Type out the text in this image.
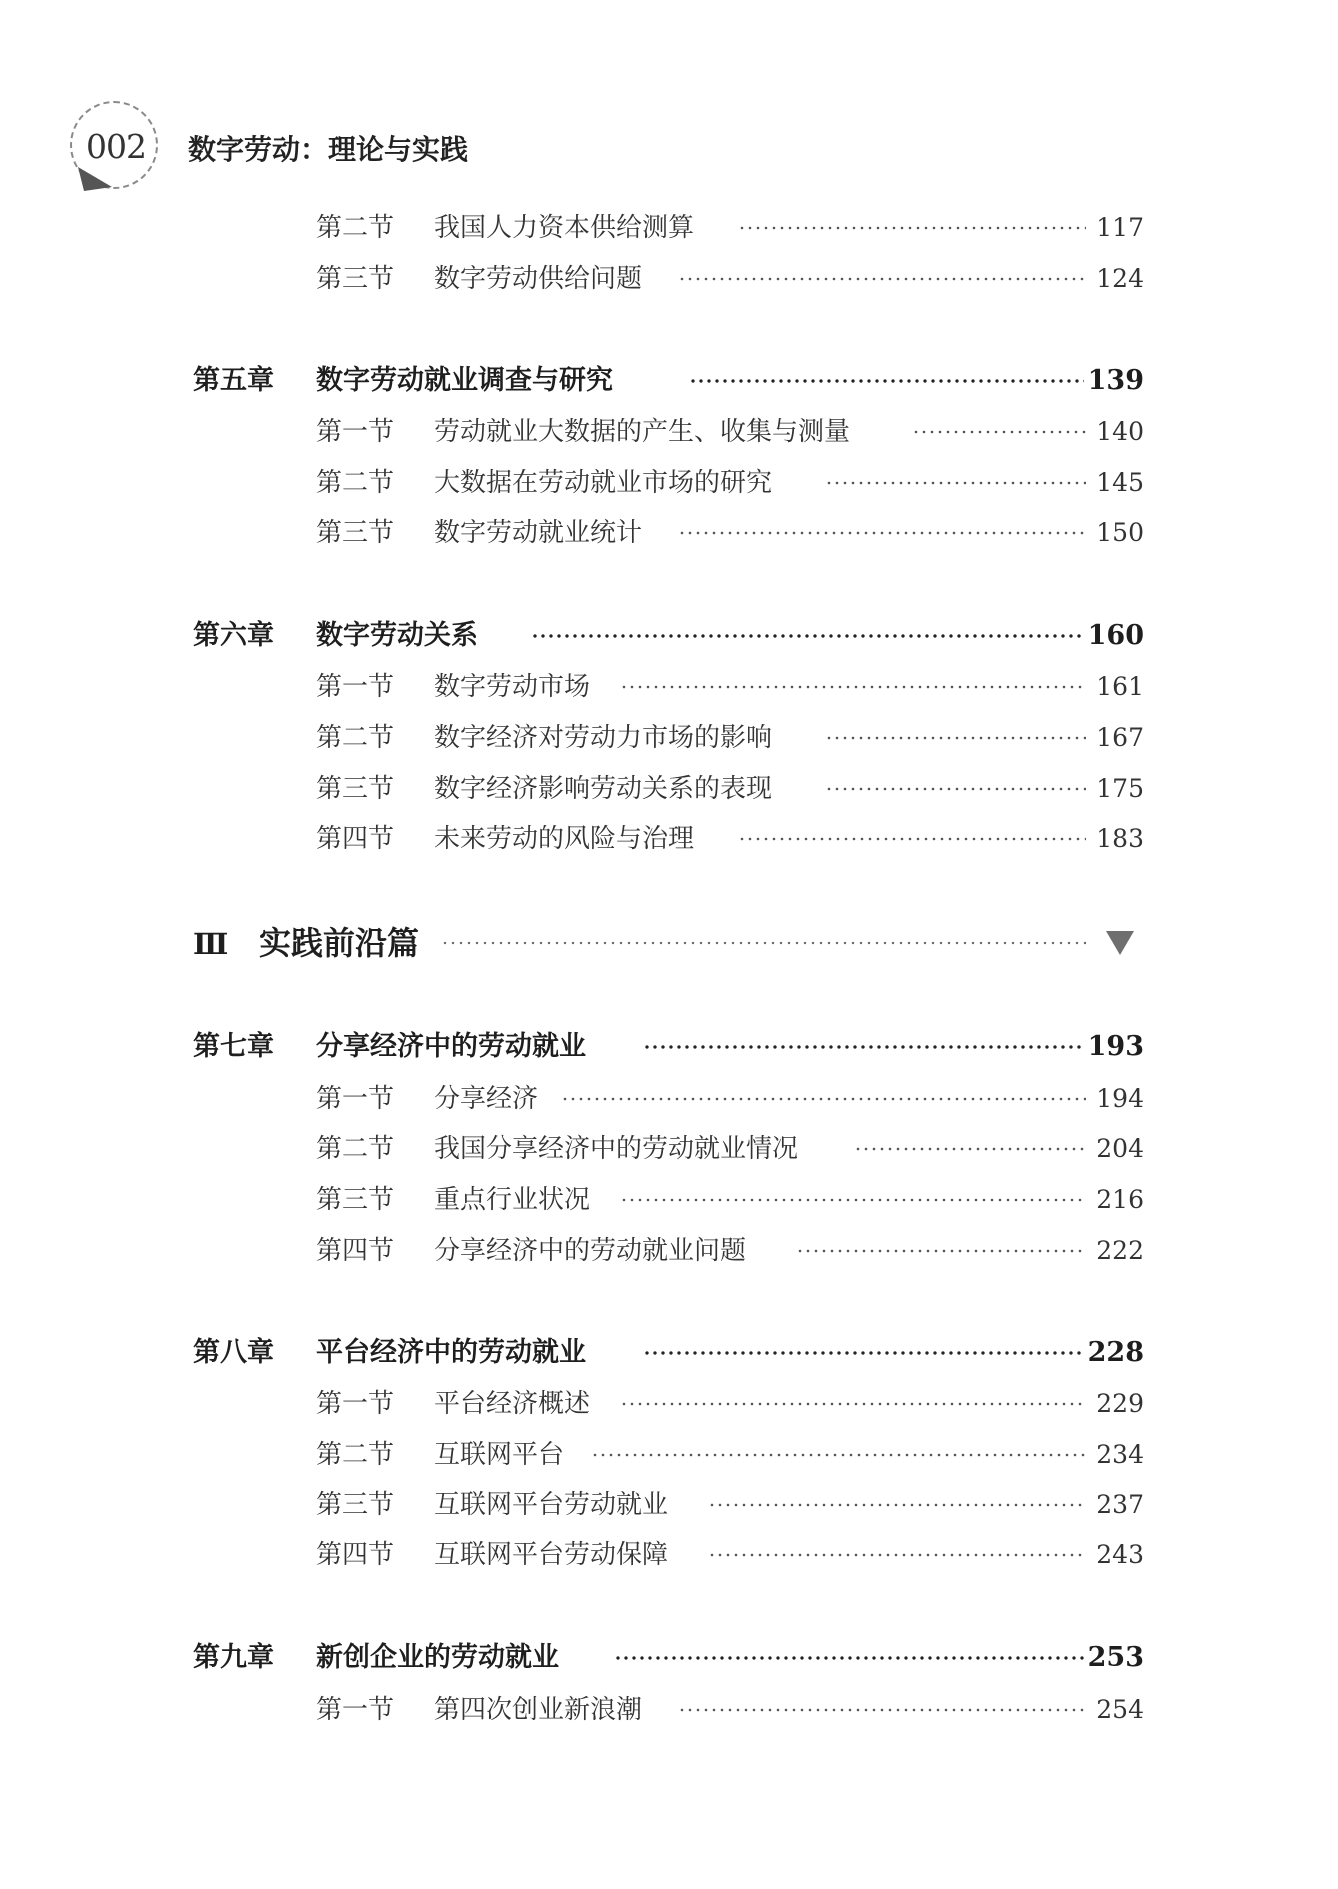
002	数字劳动：理论与实践
第二节 我国人力资本供给测算	117
第三节 数字劳动供给问题	124
第五章 数字劳动就业调查与研究	139
第一节 劳动就业大数据的产生、收集与测量	140
第二节 大数据在劳动就业市场的研究	145
第三节 数字劳动就业统计	150
第六章 数字劳动关系	160
第一节 数字劳动市场	161
第二节 数字经济对劳动力市场的影响	167
第三节 数字经济影响劳动关系的表现	175
第四节 未来劳动的风险与治理	183
Ⅲ 实践前沿篇
第七章 分享经济中的劳动就业	193
第一节 分享经济	194
第二节 我国分享经济中的劳动就业情况	204
第三节 重点行业状况	216
第四节 分享经济中的劳动就业问题	222
第八章 平台经济中的劳动就业	228
第一节 平台经济概述	229
第二节 互联网平台	234
第三节 互联网平台劳动就业	237
第四节 互联网平台劳动保障	243
第九章 新创企业的劳动就业	253
第一节 第四次创业新浪潮	254
